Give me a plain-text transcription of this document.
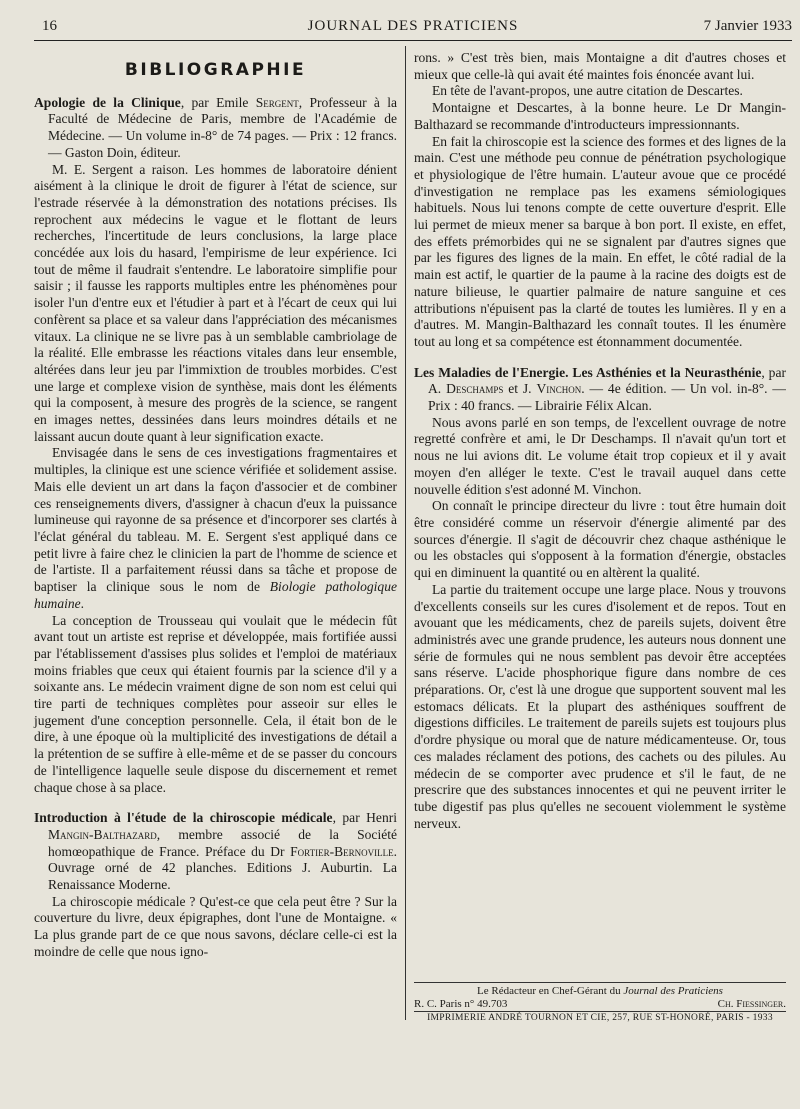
16	JOURNAL DES PRATICIENS	7 Janvier 1933

BIBLIOGRAPHIE

Apologie de la Clinique, par Emile Sergent, Professeur à la Faculté de Médecine de Paris, membre de l'Académie de Médecine. — Un volume in-8° de 74 pages. — Prix : 12 francs. — Gaston Doin, éditeur.

M. E. Sergent a raison. Les hommes de laboratoire dénient aisément à la clinique le droit de figurer à l'état de science, sur l'estrade réservée à la démonstration des notations précises. Ils reprochent aux médecins le vague et le flottant de leurs recherches, l'incertitude de leurs conclusions, la large place concédée aux lois du hasard, l'empirisme de leur expérience. Ici tout de même il faudrait s'entendre. Le laboratoire simplifie pour saisir ; il fausse les rapports multiples entre les phénomènes pour isoler l'un d'entre eux et l'étudier à part et à l'écart de ceux qui lui confèrent sa place et sa valeur dans l'appréciation des mécanismes vitaux. La clinique ne se livre pas à un semblable cambriolage de la réalité. Elle embrasse les réactions vitales dans leur ensemble, altérées dans leur jeu par l'immixtion de troubles morbides. C'est une large et complexe vision de synthèse, mais dont les éléments qui la composent, à mesure des progrès de la science, se rangent en images nettes, dessinées dans leurs moindres détails et ne laissant aucun doute quant à leur signification exacte.

Envisagée dans le sens de ces investigations fragmentaires et multiples, la clinique est une science vérifiée et solidement assise. Mais elle devient un art dans la façon d'associer et de combiner ces renseignements divers, d'assigner à chacun d'eux la puissance lumineuse qui rayonne de sa présence et d'incorporer ses clartés à l'éclat général du tableau. M. E. Sergent s'est appliqué dans ce petit livre à faire chez le clinicien la part de l'homme de science et de l'artiste. Il a parfaitement réussi dans sa tâche et propose de baptiser la clinique sous le nom de Biologie pathologique humaine.

La conception de Trousseau qui voulait que le médecin fût avant tout un artiste est reprise et développée, mais fortifiée aussi par l'établissement d'assises plus solides et l'emploi de matériaux moins friables que ceux qui étaient fournis par la science d'il y a soixante ans. Le médecin vraiment digne de son nom est celui qui tire parti de techniques complètes pour asseoir sur elles le jugement d'une conception personnelle. Cela, il était bon de le dire, à une époque où la multiplicité des investigations de détail a la prétention de se suffire à elle-même et de se passer du concours de l'intelligence laquelle seule dispose du discernement et remet chaque chose à sa place.

Introduction à l'étude de la chiroscopie médicale, par Henri Mangin-Balthazard, membre associé de la Société homœopathique de France. Préface du Dr Fortier-Bernoville. Ouvrage orné de 42 planches. Editions J. Auburtin. La Renaissance Moderne.

La chiroscopie médicale ? Qu'est-ce que cela peut être ? Sur la couverture du livre, deux épigraphes, dont l'une de Montaigne. « La plus grande part de ce que nous savons, déclare celle-ci est la moindre de celle que nous igno-

rons. » C'est très bien, mais Montaigne a dit d'autres choses et mieux que celle-là qui avait été maintes fois énoncée avant lui.

En tête de l'avant-propos, une autre citation de Descartes.

Montaigne et Descartes, à la bonne heure. Le Dr Mangin-Balthazard se recommande d'introducteurs impressionnants.

En fait la chiroscopie est la science des formes et des lignes de la main. C'est une méthode peu connue de pénétration psychologique et physiologique de l'être humain. L'auteur avoue que ce procédé d'investigation ne remplace pas les examens sémiologiques habituels. Nous lui tenons compte de cette ouverture d'esprit. Elle lui permet de mieux mener sa barque à bon port. Il existe, en effet, des effets prémorbides qui ne se signalent par d'autres signes que par les figures des lignes de la main. En effet, le côté radial de la main est actif, le quartier de la paume à la racine des doigts est de nature bilieuse, le quartier palmaire de nature sanguine et ces attributions n'épuisent pas la clarté de toutes les lumières. Il y en a d'autres. M. Mangin-Balthazard les connaît toutes. Il les énumère tout au long et sa compétence est étonnamment documentée.

Les Maladies de l'Energie. Les Asthénies et la Neurasthénie, par A. Deschamps et J. Vinchon. — 4e édition. — Un vol. in-8°. — Prix : 40 francs. — Librairie Félix Alcan.

Nous avons parlé en son temps, de l'excellent ouvrage de notre regretté confrère et ami, le Dr Deschamps. Il n'avait qu'un tort et nous ne lui avions dit. Le volume était trop copieux et il y avait moyen d'en alléger le texte. C'est le travail auquel dans cette nouvelle édition s'est adonné M. Vinchon.

On connaît le principe directeur du livre : tout être humain doit être considéré comme un réservoir d'énergie alimenté par des sources d'énergie. Il s'agit de découvrir chez chaque asthénique le ou les obstacles qui s'opposent à la formation d'énergie, obstacles qui en diminuent la quantité ou en altèrent la qualité.

La partie du traitement occupe une large place. Nous y trouvons d'excellents conseils sur les cures d'isolement et de repos. Tout en avouant que les médicaments, chez de pareils sujets, doivent être administrés avec une grande prudence, les auteurs nous donnent une série de formules qui ne nous semblent pas devoir être acceptées sans réserve. L'acide phosphorique figure dans nombre de ces préparations. Or, c'est là une drogue que supportent souvent mal les estomacs délicats. Et la plupart des asthéniques souffrent de digestions difficiles. Le traitement de pareils sujets est toujours plus d'ordre physique ou moral que de nature médicamenteuse. Or, tous ces malades réclament des potions, des cachets ou des pilules. Au médecin de se comporter avec prudence et s'il le faut, de ne prescrire que des substances innocentes et qui ne peuvent irriter le tube digestif pas plus qu'elles ne secouent violemment le système nerveux.

Le Rédacteur en Chef-Gérant du Journal des Praticiens
R. C. Paris n° 49.703	Ch. Fiessinger.
IMPRIMERIE ANDRÉ TOURNON ET CIE, 257, RUE ST-HONORÉ, PARIS - 1933
